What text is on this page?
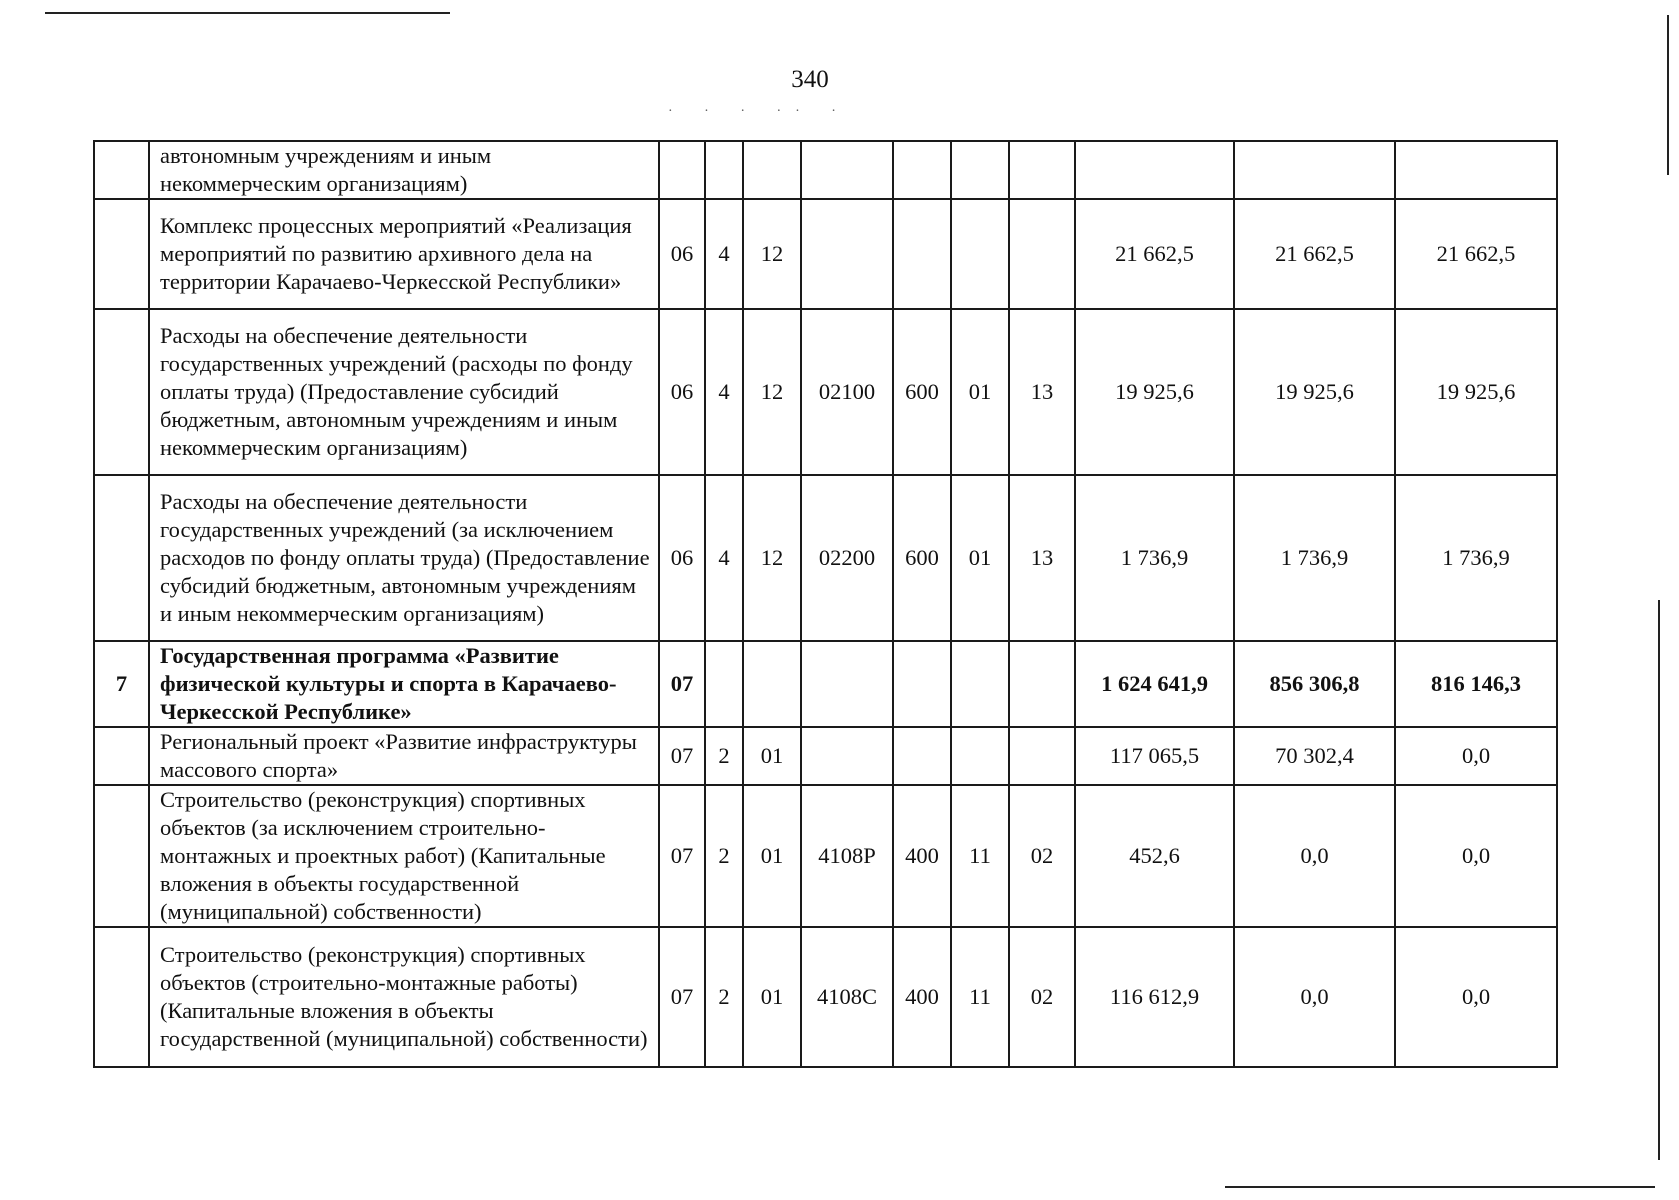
· · · ·· ·
340
	автономным учреждениям и иным некоммерческим организациям)										
	Комплекс процессных мероприятий «Реализация мероприятий по развитию архивного дела на территории Карачаево-Черкесской Республики»	06	4	12					21 662,5	21 662,5	21 662,5
	Расходы на обеспечение деятельности государственных учреждений (расходы по фонду оплаты труда) (Предоставление субсидий бюджетным, автономным учреждениям и иным некоммерческим организациям)	06	4	12	02100	600	01	13	19 925,6	19 925,6	19 925,6
	Расходы на обеспечение деятельности государственных учреждений (за исключением расходов по фонду оплаты труда) (Предоставление субсидий бюджетным, автономным учреждениям и иным некоммерческим организациям)	06	4	12	02200	600	01	13	1 736,9	1 736,9	1 736,9
7	Государственная программа «Развитие физической культуры и спорта в Карачаево-Черкесской Республике»	07							1 624 641,9	856 306,8	816 146,3
	Региональный проект «Развитие инфраструктуры массового спорта»	07	2	01					117 065,5	70 302,4	0,0
	Строительство (реконструкция) спортивных объектов (за исключением строительно-монтажных и проектных работ) (Капитальные вложения в объекты государственной (муниципальной) собственности)	07	2	01	4108P	400	11	02	452,6	0,0	0,0
	Строительство (реконструкция) спортивных объектов (строительно-монтажные работы) (Капитальные вложения в объекты государственной (муниципальной) собственности)	07	2	01	4108C	400	11	02	116 612,9	0,0	0,0
